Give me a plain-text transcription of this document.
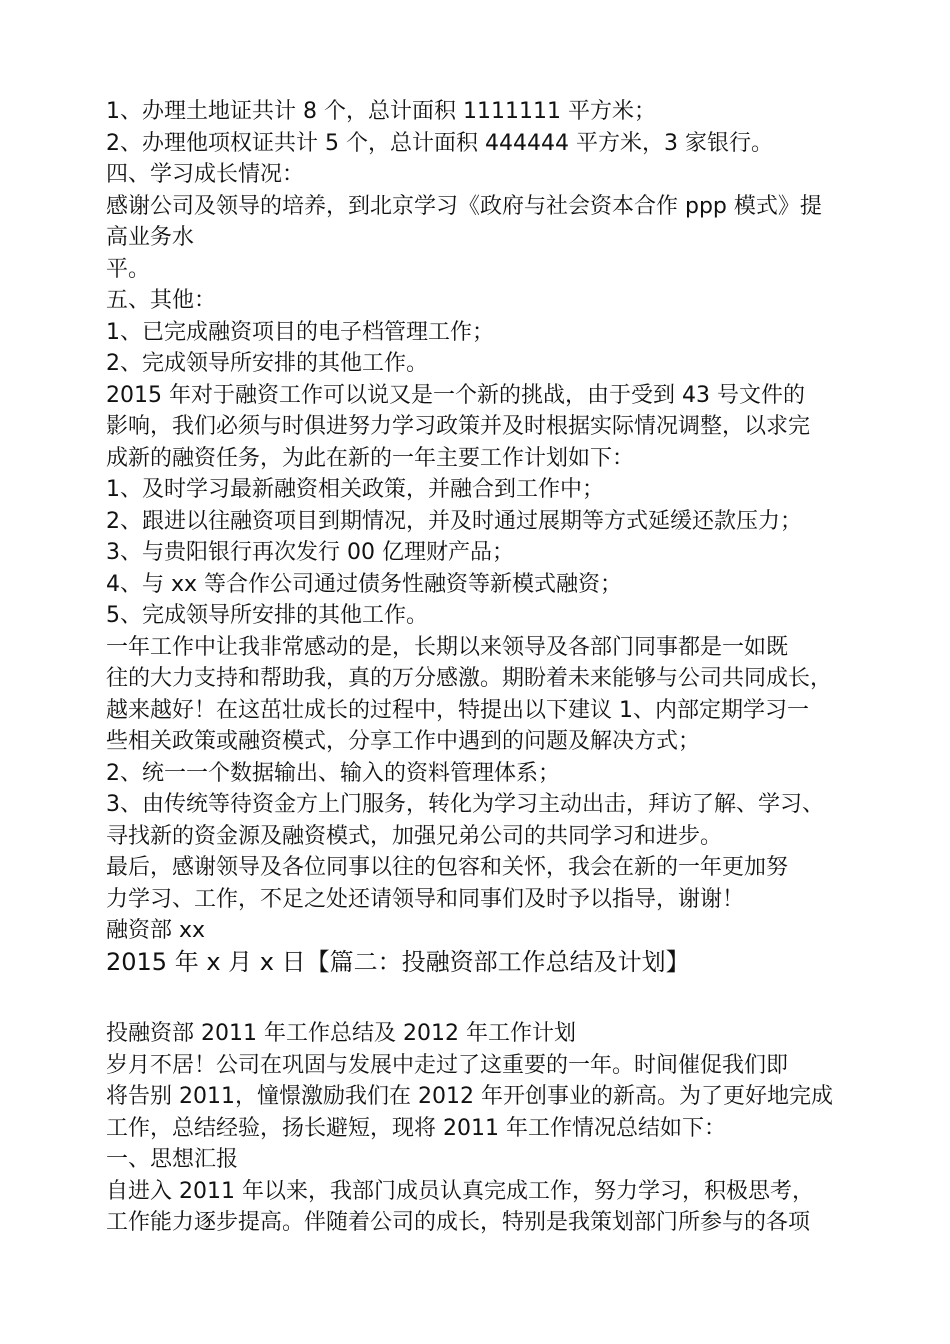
1、办理土地证共计 8 个，总计面积 1111111 平方米；
2、办理他项权证共计 5 个，总计面积 444444 平方米，3 家银行。
四、学习成长情况：
感谢公司及领导的培养，到北京学习《政府与社会资本合作 ppp 模式》提
高业务水
平。
五、其他：
1、已完成融资项目的电子档管理工作；
2、完成领导所安排的其他工作。
2015 年对于融资工作可以说又是一个新的挑战，由于受到 43 号文件的
影响，我们必须与时俱进努力学习政策并及时根据实际情况调整，以求完
成新的融资任务，为此在新的一年主要工作计划如下：
1、及时学习最新融资相关政策，并融合到工作中；
2、跟进以往融资项目到期情况，并及时通过展期等方式延缓还款压力；
3、与贵阳银行再次发行 00 亿理财产品；
4、与 xx 等合作公司通过债务性融资等新模式融资；
5、完成领导所安排的其他工作。
一年工作中让我非常感动的是，长期以来领导及各部门同事都是一如既
往的大力支持和帮助我，真的万分感激。期盼着未来能够与公司共同成长，
越来越好！在这茁壮成长的过程中，特提出以下建议 1、内部定期学习一
些相关政策或融资模式，分享工作中遇到的问题及解决方式；
2、统一一个数据输出、输入的资料管理体系；
3、由传统等待资金方上门服务，转化为学习主动出击，拜访了解、学习、
寻找新的资金源及融资模式，加强兄弟公司的共同学习和进步。
最后，感谢领导及各位同事以往的包容和关怀，我会在新的一年更加努
力学习、工作，不足之处还请领导和同事们及时予以指导，谢谢！
融资部 xx
2015 年 x 月 x 日【篇二：投融资部工作总结及计划】
投融资部 2011 年工作总结及 2012 年工作计划
岁月不居！公司在巩固与发展中走过了这重要的一年。时间催促我们即
将告别 2011，憧憬激励我们在 2012 年开创事业的新高。为了更好地完成
工作，总结经验，扬长避短，现将 2011 年工作情况总结如下：
一、思想汇报
自进入 2011 年以来，我部门成员认真完成工作，努力学习，积极思考，
工作能力逐步提高。伴随着公司的成长，特别是我策划部门所参与的各项
